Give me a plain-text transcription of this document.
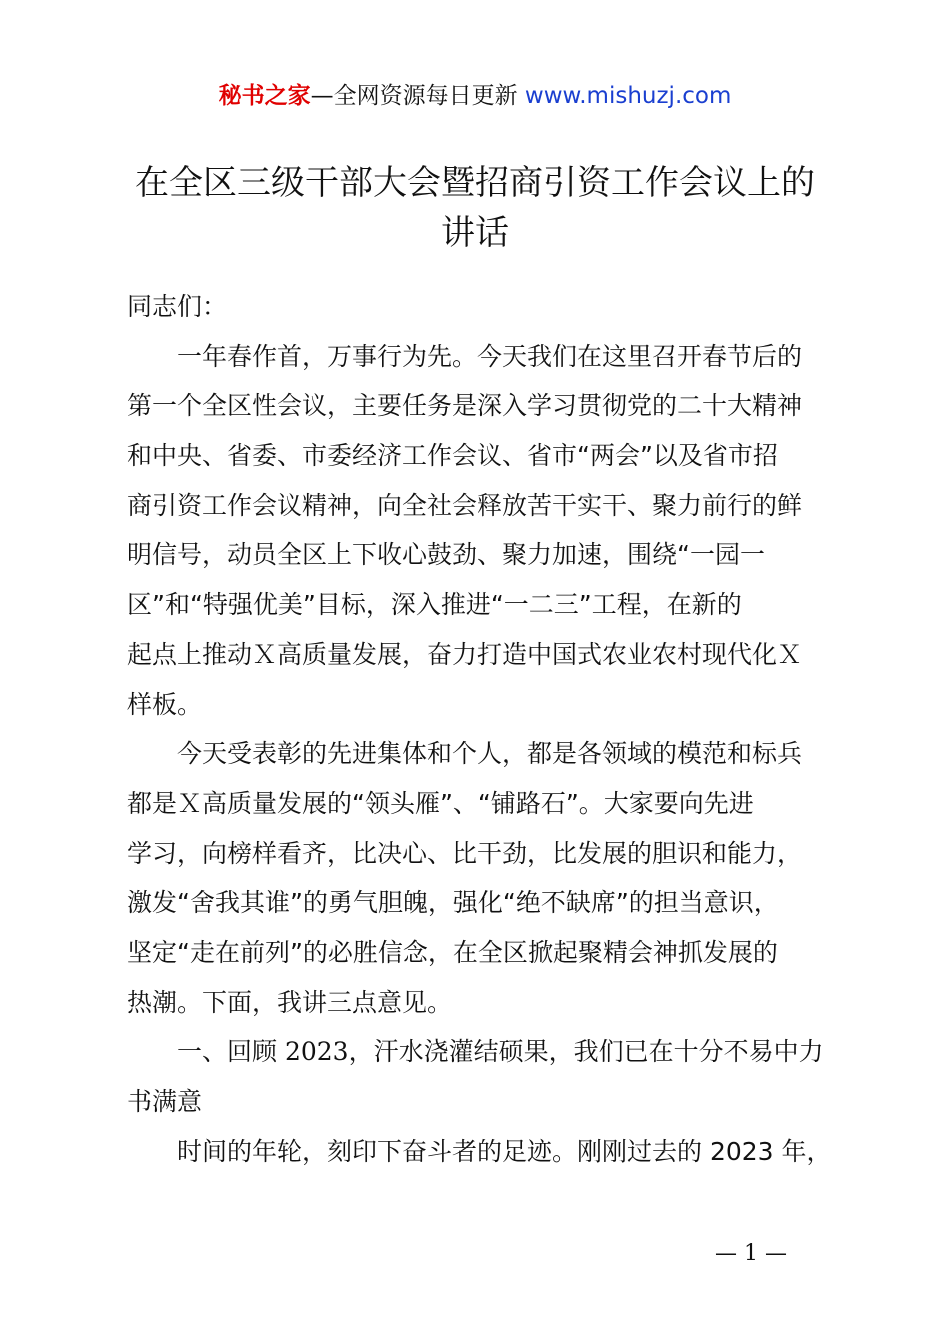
秘书之家—全网资源每日更新 www.mishuzj.com
在全区三级干部大会暨招商引资工作会议上的
讲话
同志们：
一年春作首，万事行为先。今天我们在这里召开春节后的
第一个全区性会议，主要任务是深入学习贯彻党的二十大精神
和中央、省委、市委经济工作会议、省市“两会”以及省市招
商引资工作会议精神，向全社会释放苦干实干、聚力前行的鲜
明信号，动员全区上下收心鼓劲、聚力加速，围绕“一园一
区”和“特强优美”目标，深入推进“一二三”工程，在新的
起点上推动Ｘ高质量发展，奋力打造中国式农业农村现代化Ｘ
样板。
今天受表彰的先进集体和个人，都是各领域的模范和标兵
都是Ｘ高质量发展的“领头雁”、“铺路石”。大家要向先进
学习，向榜样看齐，比决心、比干劲，比发展的胆识和能力，
激发“舍我其谁”的勇气胆魄，强化“绝不缺席”的担当意识，
坚定“走在前列”的必胜信念，在全区掀起聚精会神抓发展的
热潮。下面，我讲三点意见。
一、回顾 2023，汗水浇灌结硕果，我们已在十分不易中力
书满意
时间的年轮，刻印下奋斗者的足迹。刚刚过去的 2023 年，
— 1 —
